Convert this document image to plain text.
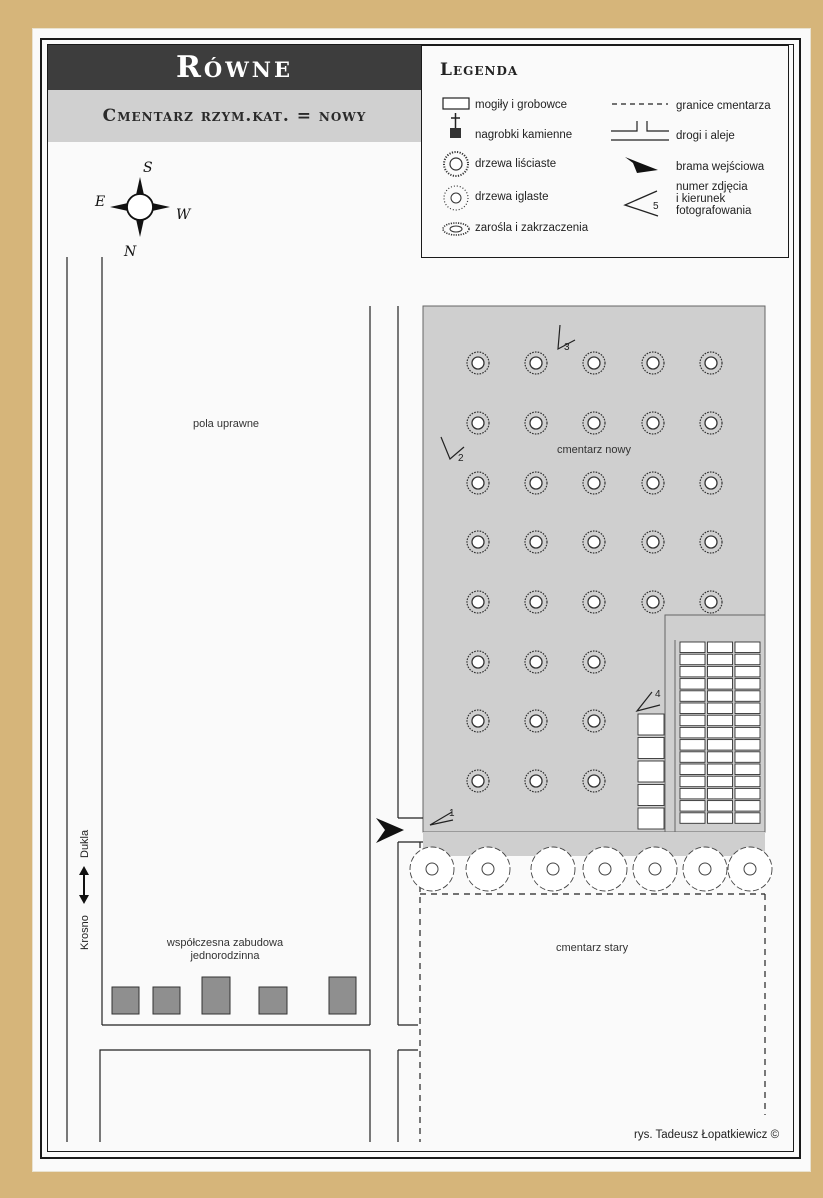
Równe
Cmentarz rzym.kat. = nowy
Legenda
1
2
3
4
S
E
W
N
Dukla
Krosno
5
mogiły i grobowce
nagrobki kamienne
drzewa liściaste
drzewa iglaste
zarośla i zakrzaczenia
granice cmentarza
drogi i aleje
brama wejściowa
numer zdjęcia
i kierunek
fotografowania
pola uprawne
cmentarz nowy
cmentarz stary
współczesna zabudowa
jednorodzinna
rys. Tadeusz Łopatkiewicz ©
